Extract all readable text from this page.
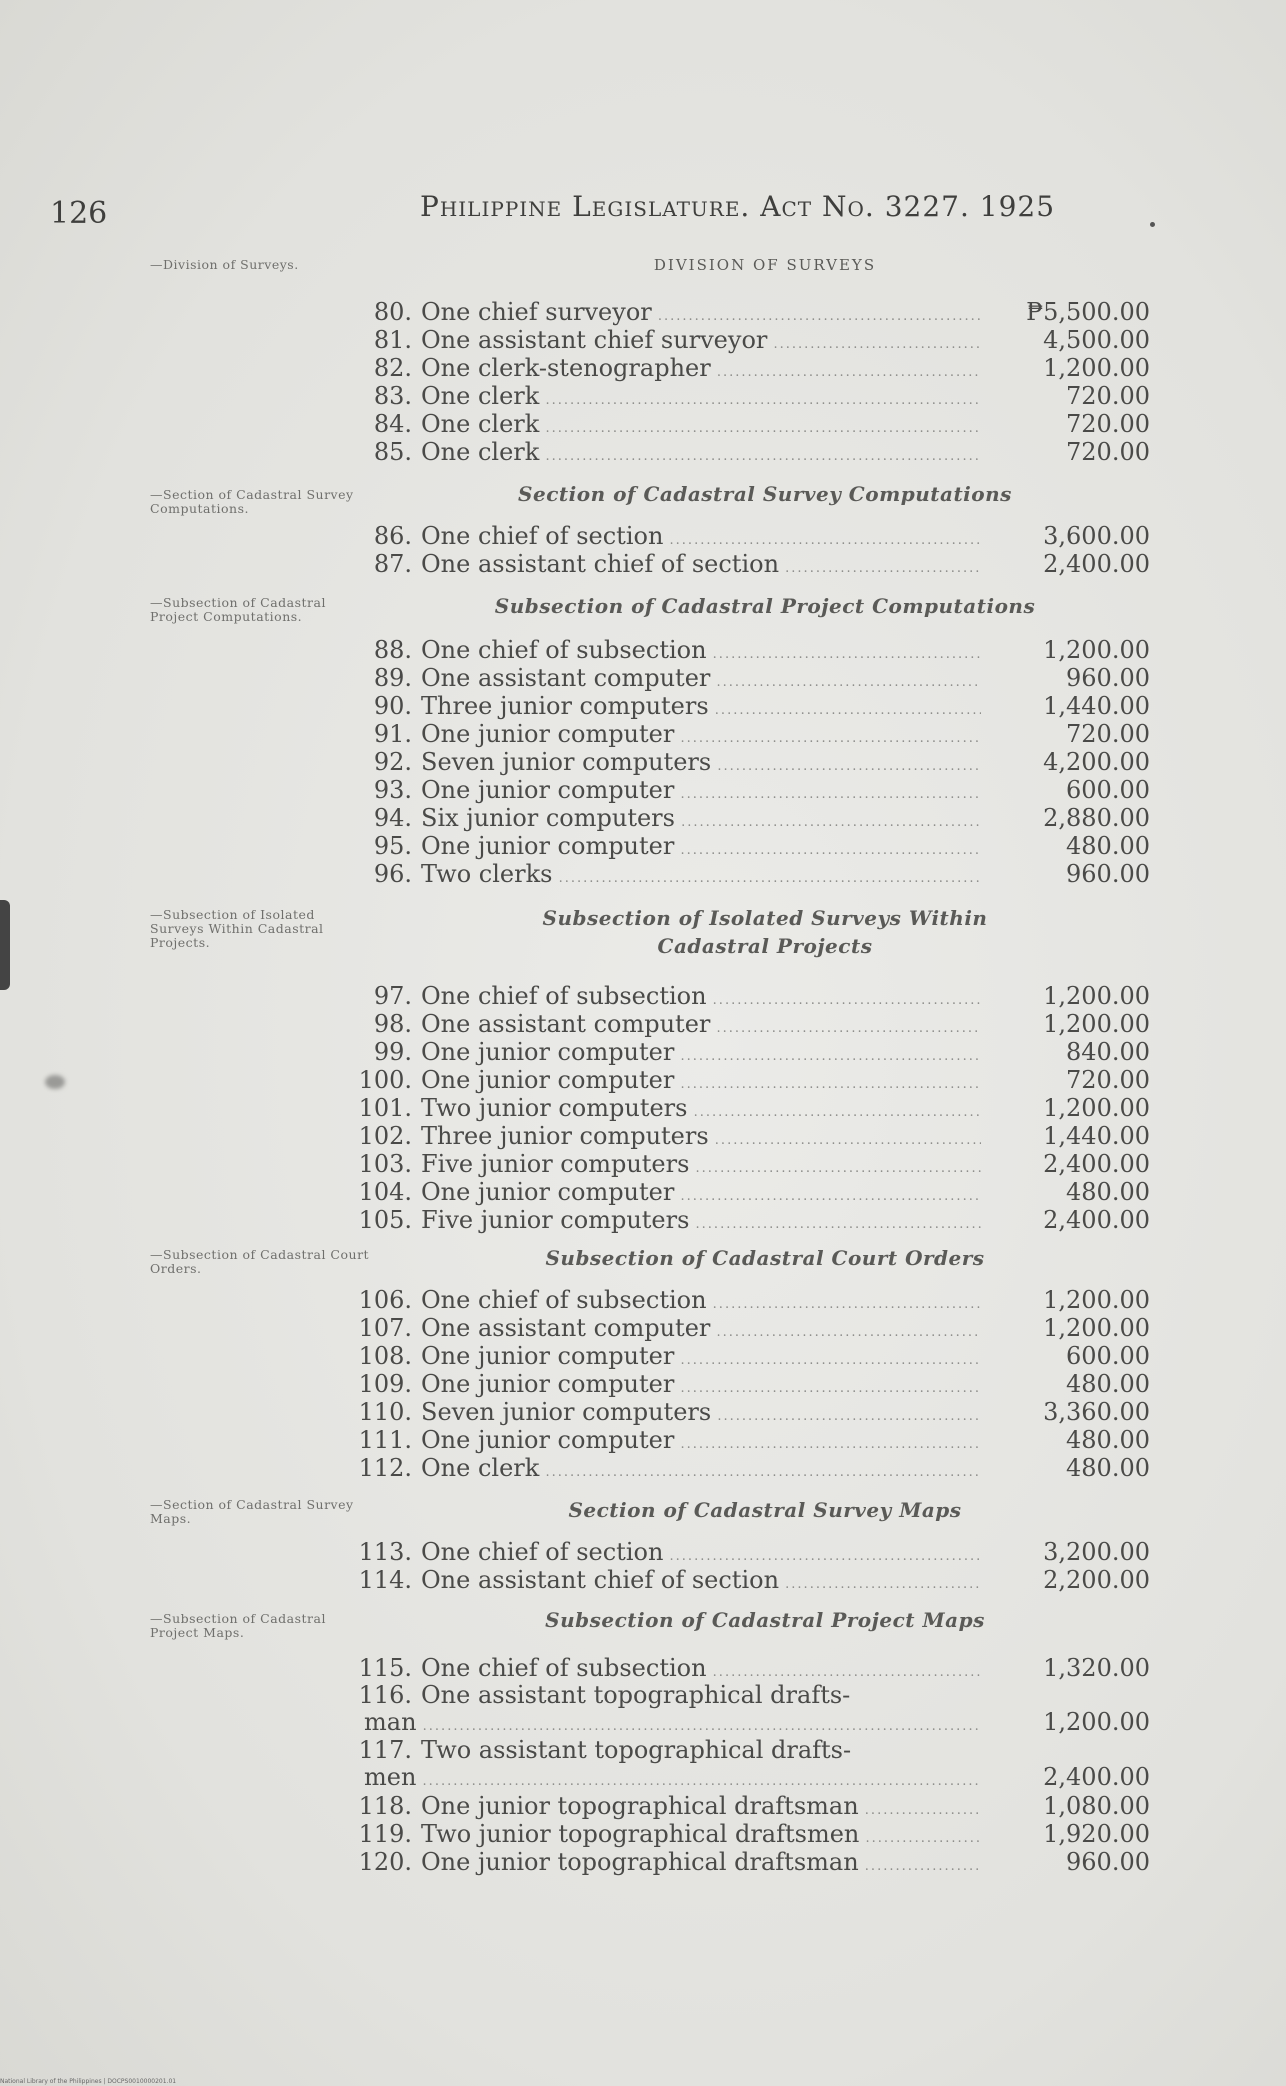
126	Philippine Legislature. Act No. 3227. 1925
—Division of Surveys.	DIVISION OF SURVEYS
80. One chief surveyor .....	₱5,500.00
81. One assistant chief surveyor .....	4,500.00
82. One clerk-stenographer .....	1,200.00
83. One clerk .....	720.00
84. One clerk .....	720.00
85. One clerk .....	720.00
—Section of Cadastral Survey Computations.
Section of Cadastral Survey Computations
86. One chief of section .....	3,600.00
87. One assistant chief of section .....	2,400.00
—Subsection of Cadastral Project Computations.	Subsection of Cadastral Project Computations
88. One chief of subsection .....	1,200.00
89. One assistant computer .....	960.00
90. Three junior computers .....	1,440.00
91. One junior computer .....	720.00
92. Seven junior computers .....	4,200.00
93. One junior computer .....	600.00
94. Six junior computers .....	2,880.00
95. One junior computer .....	480.00
96. Two clerks .....	960.00
—Subsection of Isolated Surveys Within Cadastral Projects.
Subsection of Isolated Surveys Within
Cadastral Projects
97. One chief of subsection .....	1,200.00
98. One assistant computer .....	1,200.00
99. One junior computer .....	840.00
100. One junior computer .....	720.00
101. Two junior computers .....	1,200.00
102. Three junior computers .....	1,440.00
103. Five junior computers .....	2,400.00
104. One junior computer .....	480.00
105. Five junior computers .....	2,400.00
—Subsection of Cadastral Court Orders.	Subsection of Cadastral Court Orders
106. One chief of subsection .....	1,200.00
107. One assistant computer .....	1,200.00
108. One junior computer .....	600.00
109. One junior computer .....	480.00
110. Seven junior computers .....	3,360.00
111. One junior computer .....	480.00
112. One clerk .....	480.00
—Section of Cadastral Survey Maps.	Section of Cadastral Survey Maps
113. One chief of section .....	3,200.00
114. One assistant chief of section .....	2,200.00
—Subsection of Cadastral Project Maps.
Subsection of Cadastral Project Maps
115. One chief of subsection .....	1,320.00
116. One assistant topographical drafts-
man .....	1,200.00
117. Two assistant topographical drafts-
men .....	2,400.00
118. One junior topographical draftsman .....	1,080.00
119. Two junior topographical draftsmen .....	1,920.00
120. One junior topographical draftsman .....	960.00
National Library of the Philippines | DOCPS0010000201.01
